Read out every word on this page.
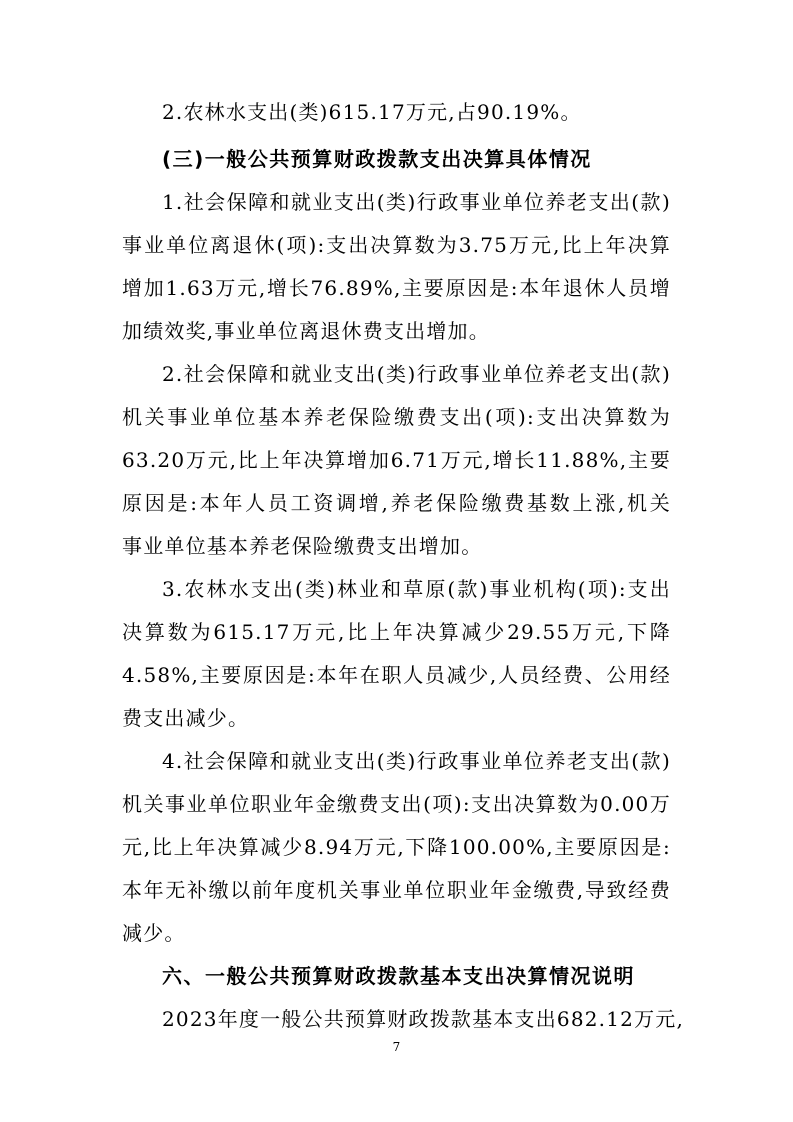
2.农林水支出(类)615.17万元,占90.19%。
(三)一般公共预算财政拨款支出决算具体情况
1.社会保障和就业支出(类)行政事业单位养老支出(款)
事业单位离退休(项):支出决算数为3.75万元,比上年决算
增加1.63万元,增长76.89%,主要原因是:本年退休人员增
加绩效奖,事业单位离退休费支出增加。
2.社会保障和就业支出(类)行政事业单位养老支出(款)
机关事业单位基本养老保险缴费支出(项):支出决算数为
63.20万元,比上年决算增加6.71万元,增长11.88%,主要
原因是:本年人员工资调增,养老保险缴费基数上涨,机关
事业单位基本养老保险缴费支出增加。
3.农林水支出(类)林业和草原(款)事业机构(项):支出
决算数为615.17万元,比上年决算减少29.55万元,下降
4.58%,主要原因是:本年在职人员减少,人员经费、公用经
费支出减少。
4.社会保障和就业支出(类)行政事业单位养老支出(款)
机关事业单位职业年金缴费支出(项):支出决算数为0.00万
元,比上年决算减少8.94万元,下降100.00%,主要原因是:
本年无补缴以前年度机关事业单位职业年金缴费,导致经费
减少。
六、一般公共预算财政拨款基本支出决算情况说明
2023年度一般公共预算财政拨款基本支出682.12万元,
7
